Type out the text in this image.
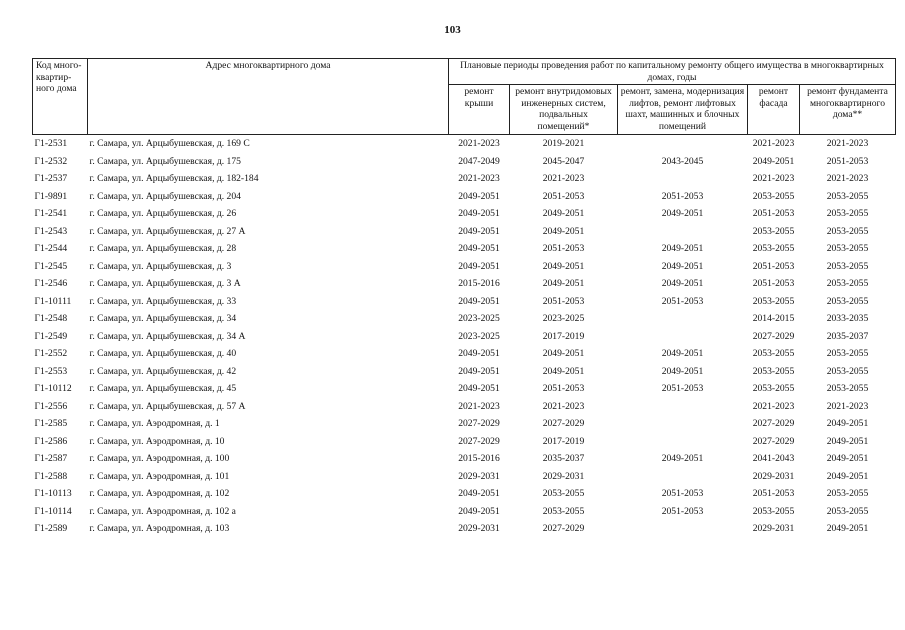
103
Код много-квартир-ного дома	Адрес многоквартирного дома	Плановые периоды проведения работ по капитальному ремонту общего имущества в многоквартирных домах, годы				
		ремонт крыши	ремонт внутридомовых инженерных систем, подвальных помещений*	ремонт, замена, модернизация лифтов, ремонт лифтовых шахт, машинных и блочных помещений	ремонт фасада	ремонт фундамента многоквартирного дома**
Г1-2531	г. Самара, ул. Арцыбушевская, д. 169 С	2021-2023	2019-2021		2021-2023	2021-2023
Г1-2532	г. Самара, ул. Арцыбушевская, д. 175	2047-2049	2045-2047	2043-2045	2049-2051	2051-2053
Г1-2537	г. Самара, ул. Арцыбушевская, д. 182-184	2021-2023	2021-2023		2021-2023	2021-2023
Г1-9891	г. Самара, ул. Арцыбушевская, д. 204	2049-2051	2051-2053	2051-2053	2053-2055	2053-2055
Г1-2541	г. Самара, ул. Арцыбушевская, д. 26	2049-2051	2049-2051	2049-2051	2051-2053	2053-2055
Г1-2543	г. Самара, ул. Арцыбушевская, д. 27 А	2049-2051	2049-2051		2053-2055	2053-2055
Г1-2544	г. Самара, ул. Арцыбушевская, д. 28	2049-2051	2051-2053	2049-2051	2053-2055	2053-2055
Г1-2545	г. Самара, ул. Арцыбушевская, д. 3	2049-2051	2049-2051	2049-2051	2051-2053	2053-2055
Г1-2546	г. Самара, ул. Арцыбушевская, д. 3 А	2015-2016	2049-2051	2049-2051	2051-2053	2053-2055
Г1-10111	г. Самара, ул. Арцыбушевская, д. 33	2049-2051	2051-2053	2051-2053	2053-2055	2053-2055
Г1-2548	г. Самара, ул. Арцыбушевская, д. 34	2023-2025	2023-2025		2014-2015	2033-2035
Г1-2549	г. Самара, ул. Арцыбушевская, д. 34 А	2023-2025	2017-2019		2027-2029	2035-2037
Г1-2552	г. Самара, ул. Арцыбушевская, д. 40	2049-2051	2049-2051	2049-2051	2053-2055	2053-2055
Г1-2553	г. Самара, ул. Арцыбушевская, д. 42	2049-2051	2049-2051	2049-2051	2053-2055	2053-2055
Г1-10112	г. Самара, ул. Арцыбушевская, д. 45	2049-2051	2051-2053	2051-2053	2053-2055	2053-2055
Г1-2556	г. Самара, ул. Арцыбушевская, д. 57 А	2021-2023	2021-2023		2021-2023	2021-2023
Г1-2585	г. Самара, ул. Аэродромная, д. 1	2027-2029	2027-2029		2027-2029	2049-2051
Г1-2586	г. Самара, ул. Аэродромная, д. 10	2027-2029	2017-2019		2027-2029	2049-2051
Г1-2587	г. Самара, ул. Аэродромная, д. 100	2015-2016	2035-2037	2049-2051	2041-2043	2049-2051
Г1-2588	г. Самара, ул. Аэродромная, д. 101	2029-2031	2029-2031		2029-2031	2049-2051
Г1-10113	г. Самара, ул. Аэродромная, д. 102	2049-2051	2053-2055	2051-2053	2051-2053	2053-2055
Г1-10114	г. Самара, ул. Аэродромная, д. 102 а	2049-2051	2053-2055	2051-2053	2053-2055	2053-2055
Г1-2589	г. Самара, ул. Аэродромная, д. 103	2029-2031	2027-2029		2029-2031	2049-2051
